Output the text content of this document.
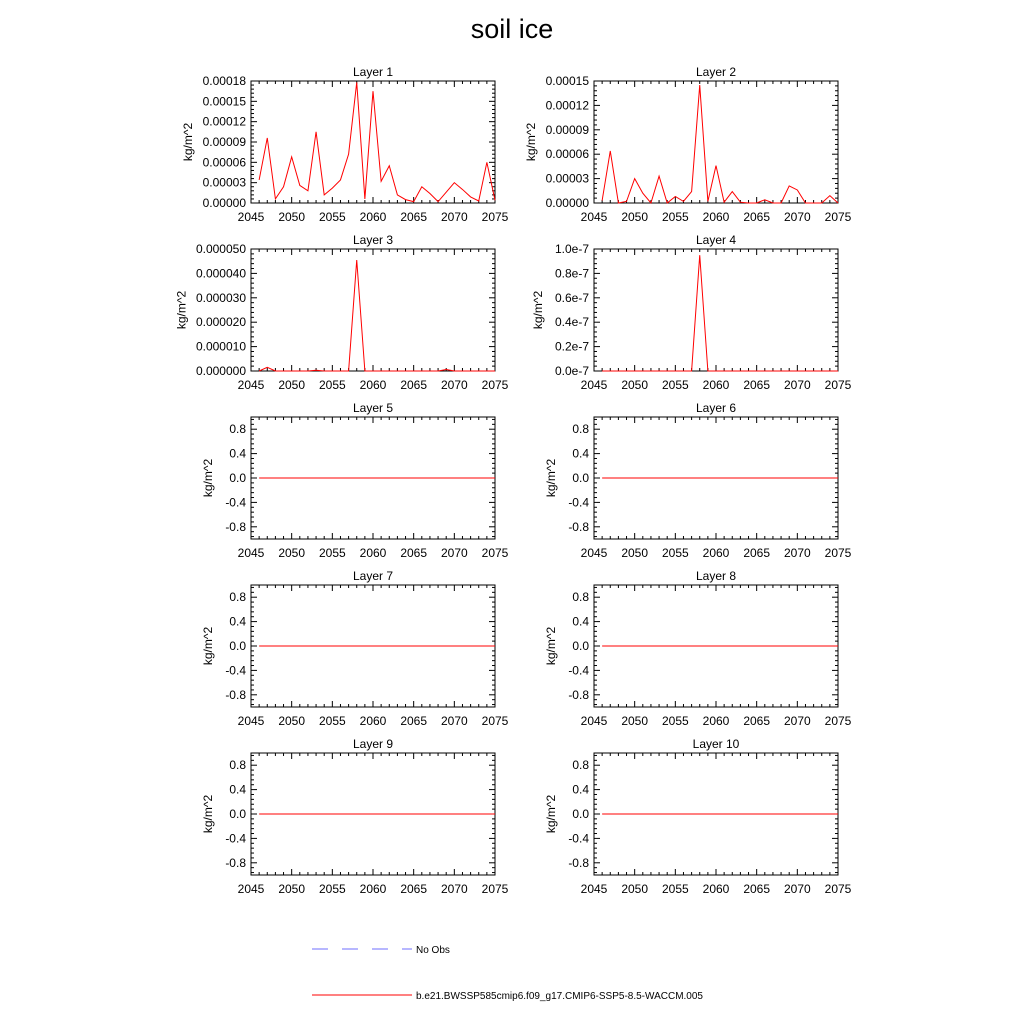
soil ice
Layer 1
2045 2050 2055 2060 2065 2070 2075
0.00000
0.00003
0.00006
0.00009
0.00012
0.00015
0.00018
kg/m^2
Layer 2
2045 2050 2055 2060 2065 2070 2075
0.00000
0.00003
0.00006
0.00009
0.00012
0.00015
kg/m^2
Layer 3
2045 2050 2055 2060 2065 2070 2075
0.000000
0.000010
0.000020
0.000030
0.000040
0.000050
kg/m^2
Layer 4
2045 2050 2055 2060 2065 2070 2075
0.0e-7
0.2e-7
0.4e-7
0.6e-7
0.8e-7
1.0e-7
kg/m^2
Layer 5
2045 2050 2055 2060 2065 2070 2075
-0.8
-0.4
0.0
0.4
0.8
kg/m^2
Layer 6
2045 2050 2055 2060 2065 2070 2075
-0.8
-0.4
0.0
0.4
0.8
kg/m^2
Layer 7
2045 2050 2055 2060 2065 2070 2075
-0.8
-0.4
0.0
0.4
0.8
kg/m^2
Layer 8
2045 2050 2055 2060 2065 2070 2075
-0.8
-0.4
0.0
0.4
0.8
kg/m^2
Layer 9
2045 2050 2055 2060 2065 2070 2075
-0.8
-0.4
0.0
0.4
0.8
kg/m^2
Layer 10
2045 2050 2055 2060 2065 2070 2075
-0.8
-0.4
0.0
0.4
0.8
kg/m^2
No Obs
b.e21.BWSSP585cmip6.f09_g17.CMIP6-SSP5-8.5-WACCM.005
